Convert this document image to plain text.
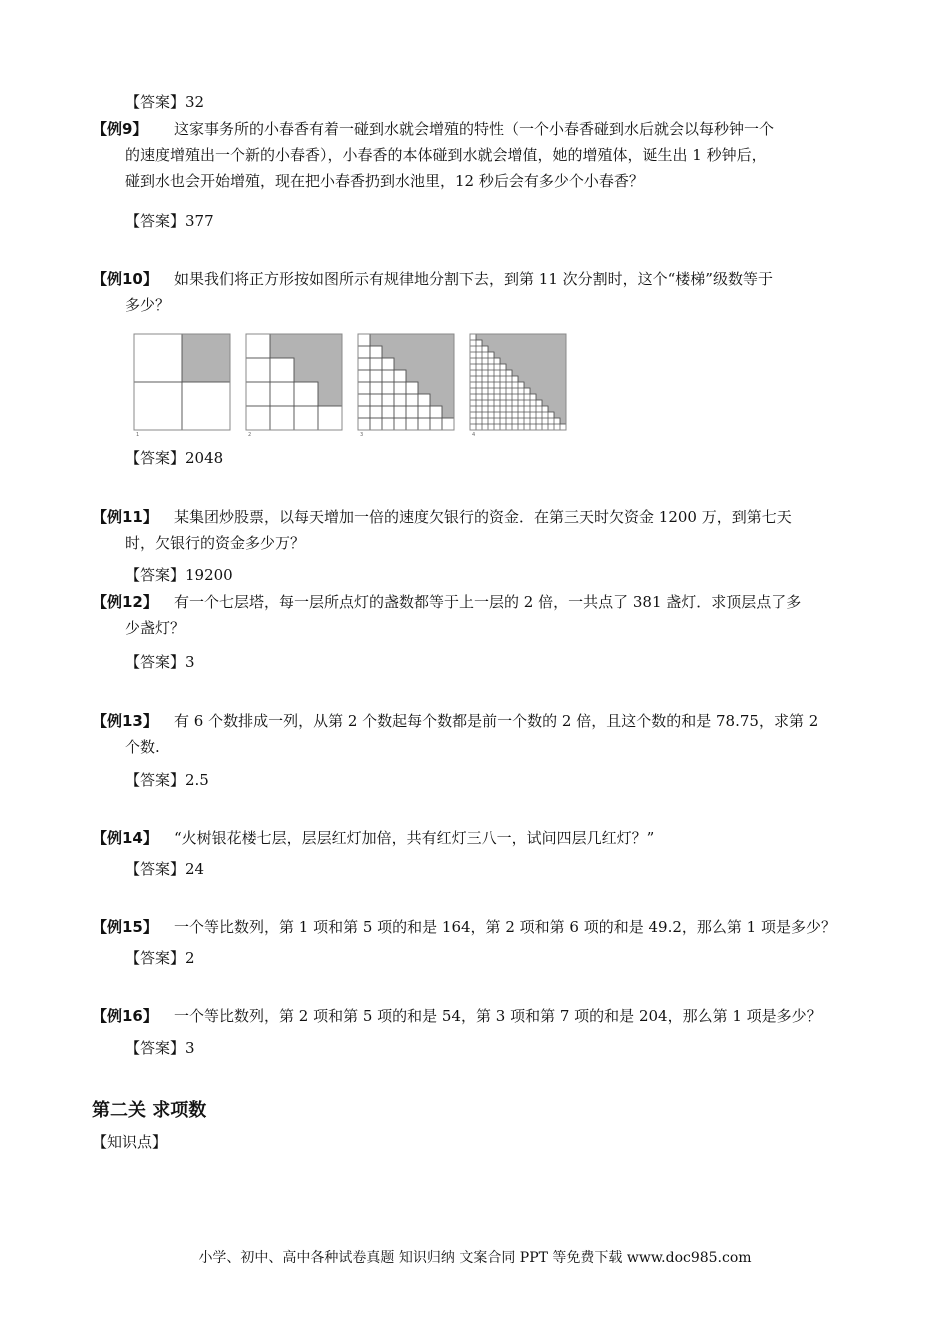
【答案】32
【例9】 这家事务所的小春香有着一碰到水就会增殖的特性（一个小春香碰到水后就会以每秒钟一个
的速度增殖出一个新的小春香），小春香的本体碰到水就会增值，她的增殖体，诞生出 1 秒钟后，
碰到水也会开始增殖，现在把小春香扔到水池里，12 秒后会有多少个小春香？
【答案】377
【例10】 如果我们将正方形按如图所示有规律地分割下去，到第 11 次分割时，这个“楼梯”级数等于
多少？
【答案】2048
【例11】 某集团炒股票，以每天增加一倍的速度欠银行的资金．在第三天时欠资金 1200 万，到第七天
时，欠银行的资金多少万？
【答案】19200
【例12】 有一个七层塔，每一层所点灯的盏数都等于上一层的 2 倍，一共点了 381 盏灯．求顶层点了多
少盏灯？
【答案】3
【例13】 有 6 个数排成一列，从第 2 个数起每个数都是前一个数的 2 倍，且这个数的和是 78.75，求第 2
个数.
【答案】2.5
【例14】 “火树银花楼七层，层层红灯加倍，共有红灯三八一，试问四层几红灯？”
【答案】24
【例15】 一个等比数列，第 1 项和第 5 项的和是 164，第 2 项和第 6 项的和是 49.2，那么第 1 项是多少？
【答案】2
【例16】 一个等比数列，第 2 项和第 5 项的和是 54，第 3 项和第 7 项的和是 204，那么第 1 项是多少？
【答案】3
1	2	3	4
第二关 求项数
【知识点】
小学、初中、高中各种试卷真题 知识归纳 文案合同 PPT 等免费下载 www.doc985.com
